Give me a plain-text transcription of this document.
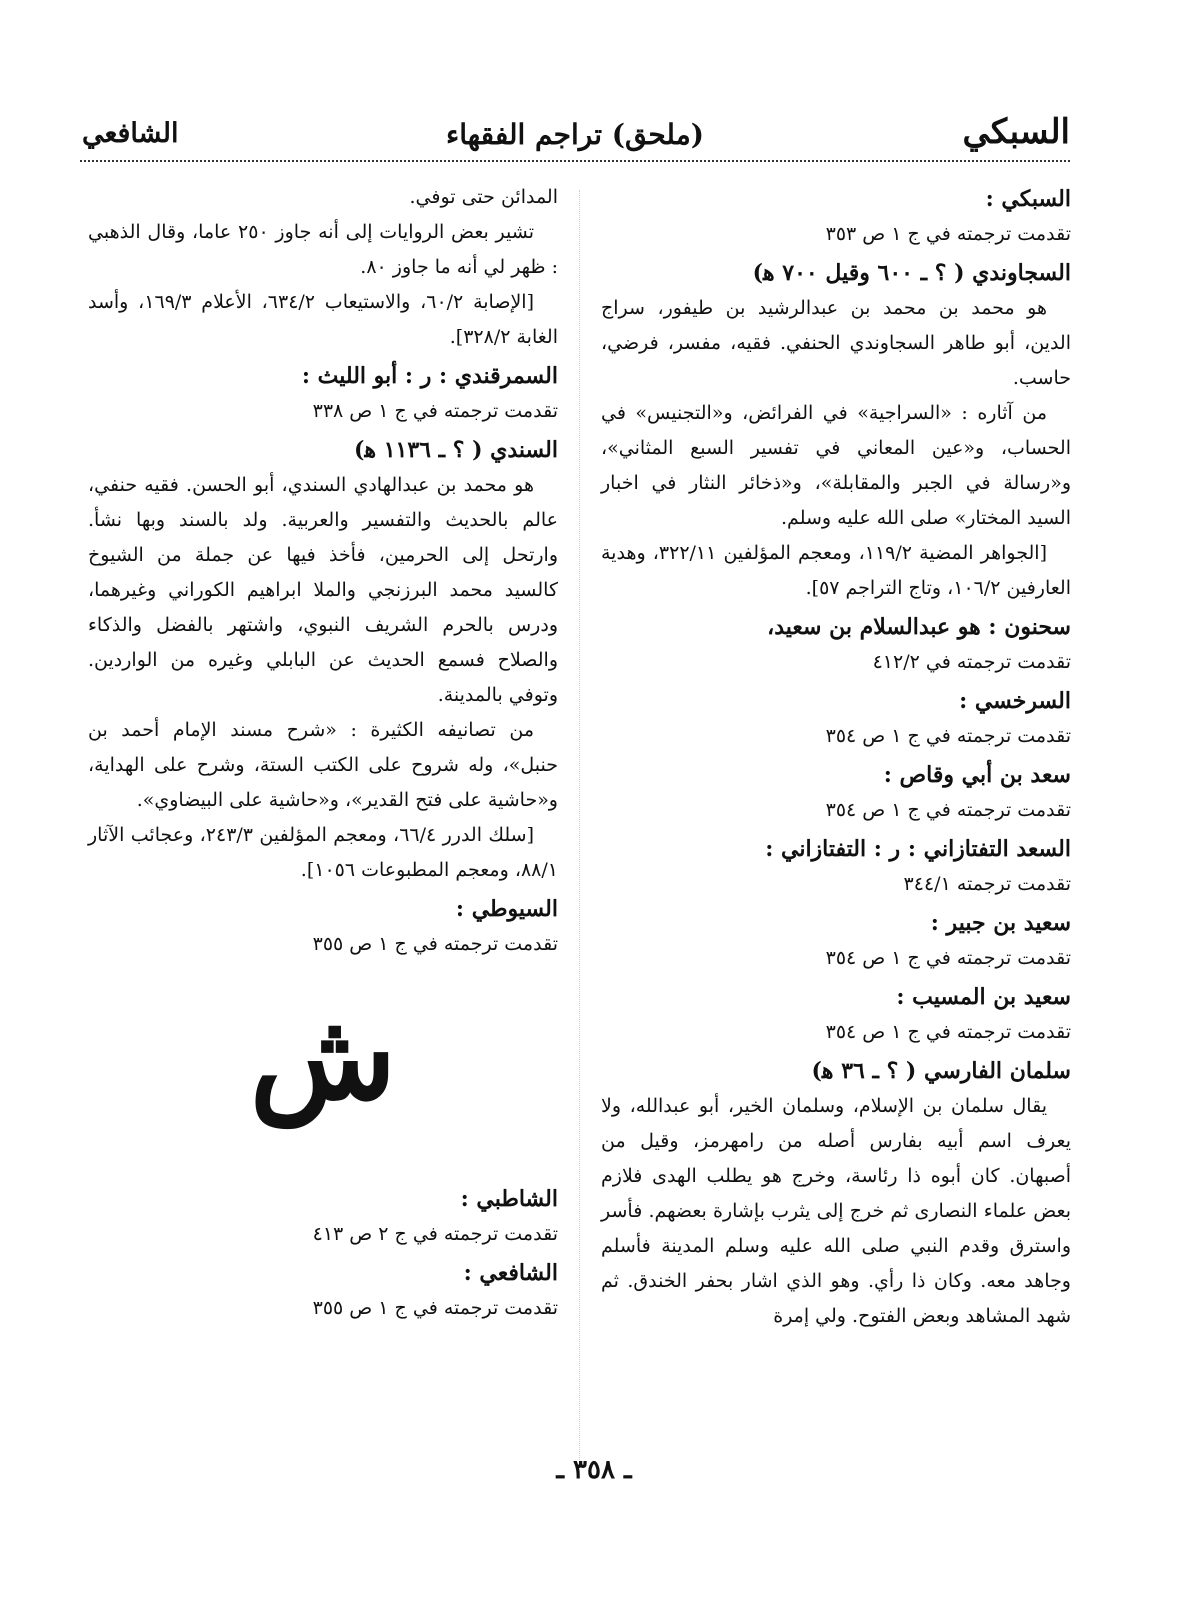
السبكي
(ملحق) تراجم الفقهاء
الشافعي

السبكي :

تقدمت ترجمته في ج ١ ص ٣٥٣

السجاوندي ( ؟ ـ ٦٠٠ وقيل ٧٠٠ ﻫ)

هو محمد بن محمد بن عبدالرشيد بن طيفور، سراج الدين، أبو طاهر السجاوندي الحنفي. فقيه، مفسر، فرضي، حاسب.

من آثاره : «السراجية» في الفرائض، و«التجنيس» في الحساب، و«عين المعاني في تفسير السبع المثاني»، و«رسالة في الجبر والمقابلة»، و«ذخائر النثار في اخبار السيد المختار» صلى الله عليه وسلم.

[الجواهر المضية ١١٩/٢، ومعجم المؤلفين ٣٢٢/١١، وهدية العارفين ١٠٦/٢، وتاج التراجم ٥٧].

سحنون : هو عبدالسلام بن سعيد،

تقدمت ترجمته في ٤١٢/٢

السرخسي :

تقدمت ترجمته في ج ١ ص ٣٥٤

سعد بن أبي وقاص :

تقدمت ترجمته في ج ١ ص ٣٥٤

السعد التفتازاني : ر : التفتازاني :

تقدمت ترجمته ٣٤٤/١

سعيد بن جبير :

تقدمت ترجمته في ج ١ ص ٣٥٤

سعيد بن المسيب :

تقدمت ترجمته في ج ١ ص ٣٥٤

سلمان الفارسي ( ؟ ـ ٣٦ ﻫ)

يقال سلمان بن الإسلام، وسلمان الخير، أبو عبدالله، ولا يعرف اسم أبيه بفارس أصله من رامهرمز، وقيل من أصبهان. كان أبوه ذا رئاسة، وخرج هو يطلب الهدى فلازم بعض علماء النصارى ثم خرج إلى يثرب بإشارة بعضهم. فأسر واسترق وقدم النبي صلى الله عليه وسلم المدينة فأسلم وجاهد معه. وكان ذا رأي. وهو الذي اشار بحفر الخندق. ثم شهد المشاهد وبعض الفتوح. ولي إمرة

المدائن حتى توفي.

تشير بعض الروايات إلى أنه جاوز ٢٥٠ عاما، وقال الذهبي : ظهر لي أنه ما جاوز ٨٠.

[الإصابة ٦٠/٢، والاستيعاب ٦٣٤/٢، الأعلام ١٦٩/٣، وأسد الغابة ٣٢٨/٢].

السمرقندي : ر : أبو الليث :

تقدمت ترجمته في ج ١ ص ٣٣٨

السندي ( ؟ ـ ١١٣٦ ﻫ)

هو محمد بن عبدالهادي السندي، أبو الحسن. فقيه حنفي، عالم بالحديث والتفسير والعربية. ولد بالسند وبها نشأ. وارتحل إلى الحرمين، فأخذ فيها عن جملة من الشيوخ كالسيد محمد البرزنجي والملا ابراهيم الكوراني وغيرهما، ودرس بالحرم الشريف النبوي، واشتهر بالفضل والذكاء والصلاح فسمع الحديث عن البابلي وغيره من الواردين. وتوفي بالمدينة.

من تصانيفه الكثيرة : «شرح مسند الإمام أحمد بن حنبل»، وله شروح على الكتب الستة، وشرح على الهداية، و«حاشية على فتح القدير»، و«حاشية على البيضاوي».

[سلك الدرر ٦٦/٤، ومعجم المؤلفين ٢٤٣/٣، وعجائب الآثار ٨٨/١، ومعجم المطبوعات ١٠٥٦].

السيوطي :

تقدمت ترجمته في ج ١ ص ٣٥٥

ش

الشاطبي :

تقدمت ترجمته في ج ٢ ص ٤١٣

الشافعي :

تقدمت ترجمته في ج ١ ص ٣٥٥

ـ ٣٥٨ ـ
